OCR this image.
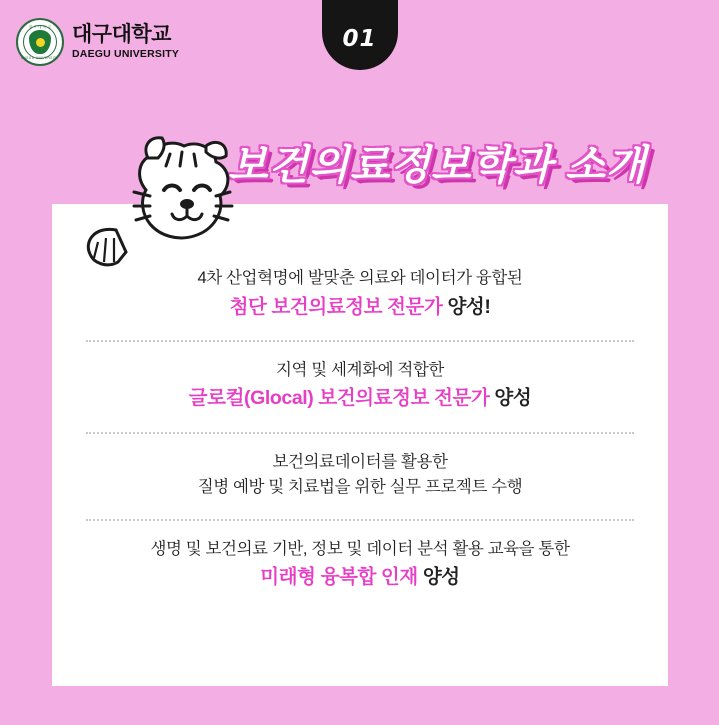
대 구 대 학 교
DAEGU UNIVERSITY
대구대학교
DAEGU UNIVERSITY
01
보건의료정보학과 소개
4차 산업혁명에 발맞춘 의료와 데이터가 융합된
첨단 보건의료정보 전문가 양성!
지역 및 세계화에 적합한
글로컬(Glocal) 보건의료정보 전문가 양성
보건의료데이터를 활용한
질병 예방 및 치료법을 위한 실무 프로젝트 수행
생명 및 보건의료 기반, 정보 및 데이터 분석 활용 교육을 통한
미래형 융복합 인재 양성
